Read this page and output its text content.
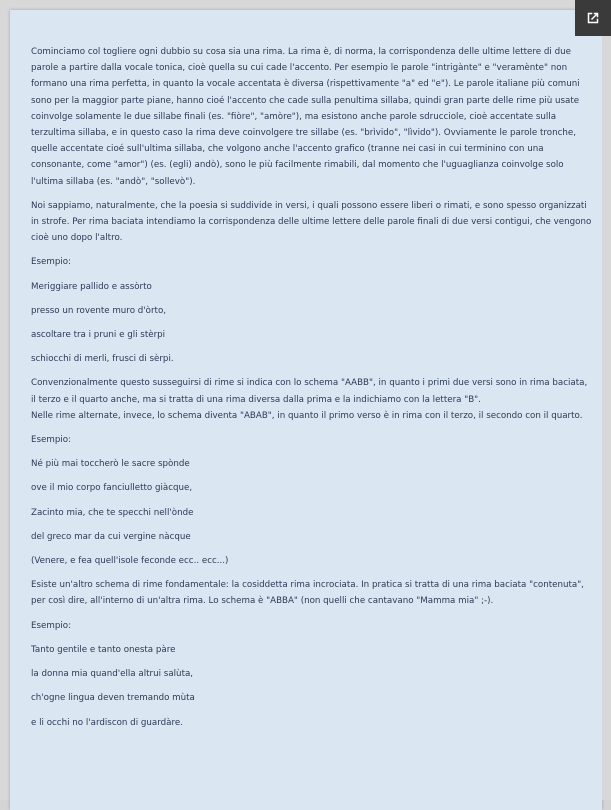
Cominciamo col togliere ogni dubbio su cosa sia una rima. La rima è, di norma, la corrispondenza delle ultime lettere di due parole a partire dalla vocale tonica, cioè quella su cui cade l'accento. Per esempio le parole "intrigànte" e "veramènte" non formano una rima perfetta, in quanto la vocale accentata è diversa (rispettivamente "a" ed "e"). Le parole italiane più comuni sono per la maggior parte piane, hanno cioé l'accento che cade sulla penultima sillaba, quindi gran parte delle rime più usate coinvolge solamente le due sillabe finali (es. "fiòre", "amòre"), ma esistono anche parole sdrucciole, cioè accentate sulla terzultima sillaba, e in questo caso la rima deve coinvolgere tre sillabe (es. "brìvido", "lìvido"). Ovviamente le parole tronche, quelle accentate cioé sull'ultima sillaba, che volgono anche l'accento grafico (tranne nei casi in cui terminino con una consonante, come "amor") (es. (egli) andò), sono le più facilmente rimabili, dal momento che l'uguaglianza coinvolge solo l'ultima sillaba (es. "andò", "sollevò").

Noi sappiamo, naturalmente, che la poesia si suddivide in versi, i quali possono essere liberi o rimati, e sono spesso organizzati in strofe. Per rima baciata intendiamo la corrispondenza delle ultime lettere delle parole finali di due versi contigui, che vengono cioè uno dopo l'altro.

Esempio:

Meriggiare pallido e assòrto

presso un rovente muro d'òrto,

ascoltare tra i pruni e gli stèrpi

schiocchi di merli, frusci di sèrpi.

Convenzionalmente questo susseguirsi di rime si indica con lo schema "AABB", in quanto i primi due versi sono in rima baciata, il terzo e il quarto anche, ma si tratta di una rima diversa dalla prima e la indichiamo con la lettera "B".
Nelle rime alternate, invece, lo schema diventa "ABAB", in quanto il primo verso è in rima con il terzo, il secondo con il quarto.

Esempio:

Né più mai toccherò le sacre spònde

ove il mio corpo fanciulletto giàcque,

Zacinto mia, che te specchi nell'ònde

del greco mar da cui vergine nàcque

(Venere, e fea quell'isole feconde ecc.. ecc...)

Esiste un'altro schema di rime fondamentale: la cosiddetta rima incrociata. In pratica si tratta di una rima baciata "contenuta", per così dire, all'interno di un'altra rima. Lo schema è "ABBA" (non quelli che cantavano "Mamma mia" ;-).

Esempio:

Tanto gentile e tanto onesta pàre

la donna mia quand'ella altrui salùta,

ch'ogne lingua deven tremando mùta

e li occhi no l'ardiscon di guardàre.
